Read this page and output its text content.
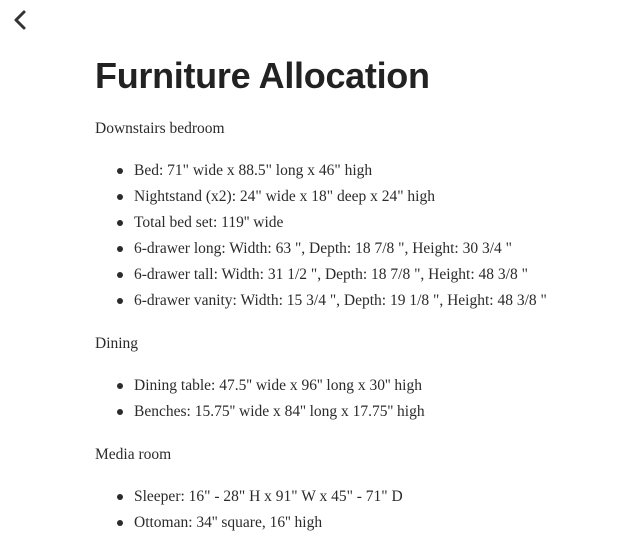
Furniture Allocation

Downstairs bedroom

Bed: 71" wide x 88.5" long x 46" high
Nightstand (x2): 24" wide x 18" deep x 24" high
Total bed set: 119'' wide
6-drawer long: Width: 63 ", Depth: 18 7/8 ", Height: 30 3/4 "
6-drawer tall: Width: 31 1/2 ", Depth: 18 7/8 ", Height: 48 3/8 "
6-drawer vanity: Width: 15 3/4 ", Depth: 19 1/8 ", Height: 48 3/8 "

Dining

Dining table: 47.5'' wide x 96'' long x 30'' high
Benches: 15.75'' wide x 84'' long x 17.75'' high

Media room

Sleeper: 16" - 28" H x 91" W x 45" - 71" D
Ottoman: 34'' square, 16'' high
